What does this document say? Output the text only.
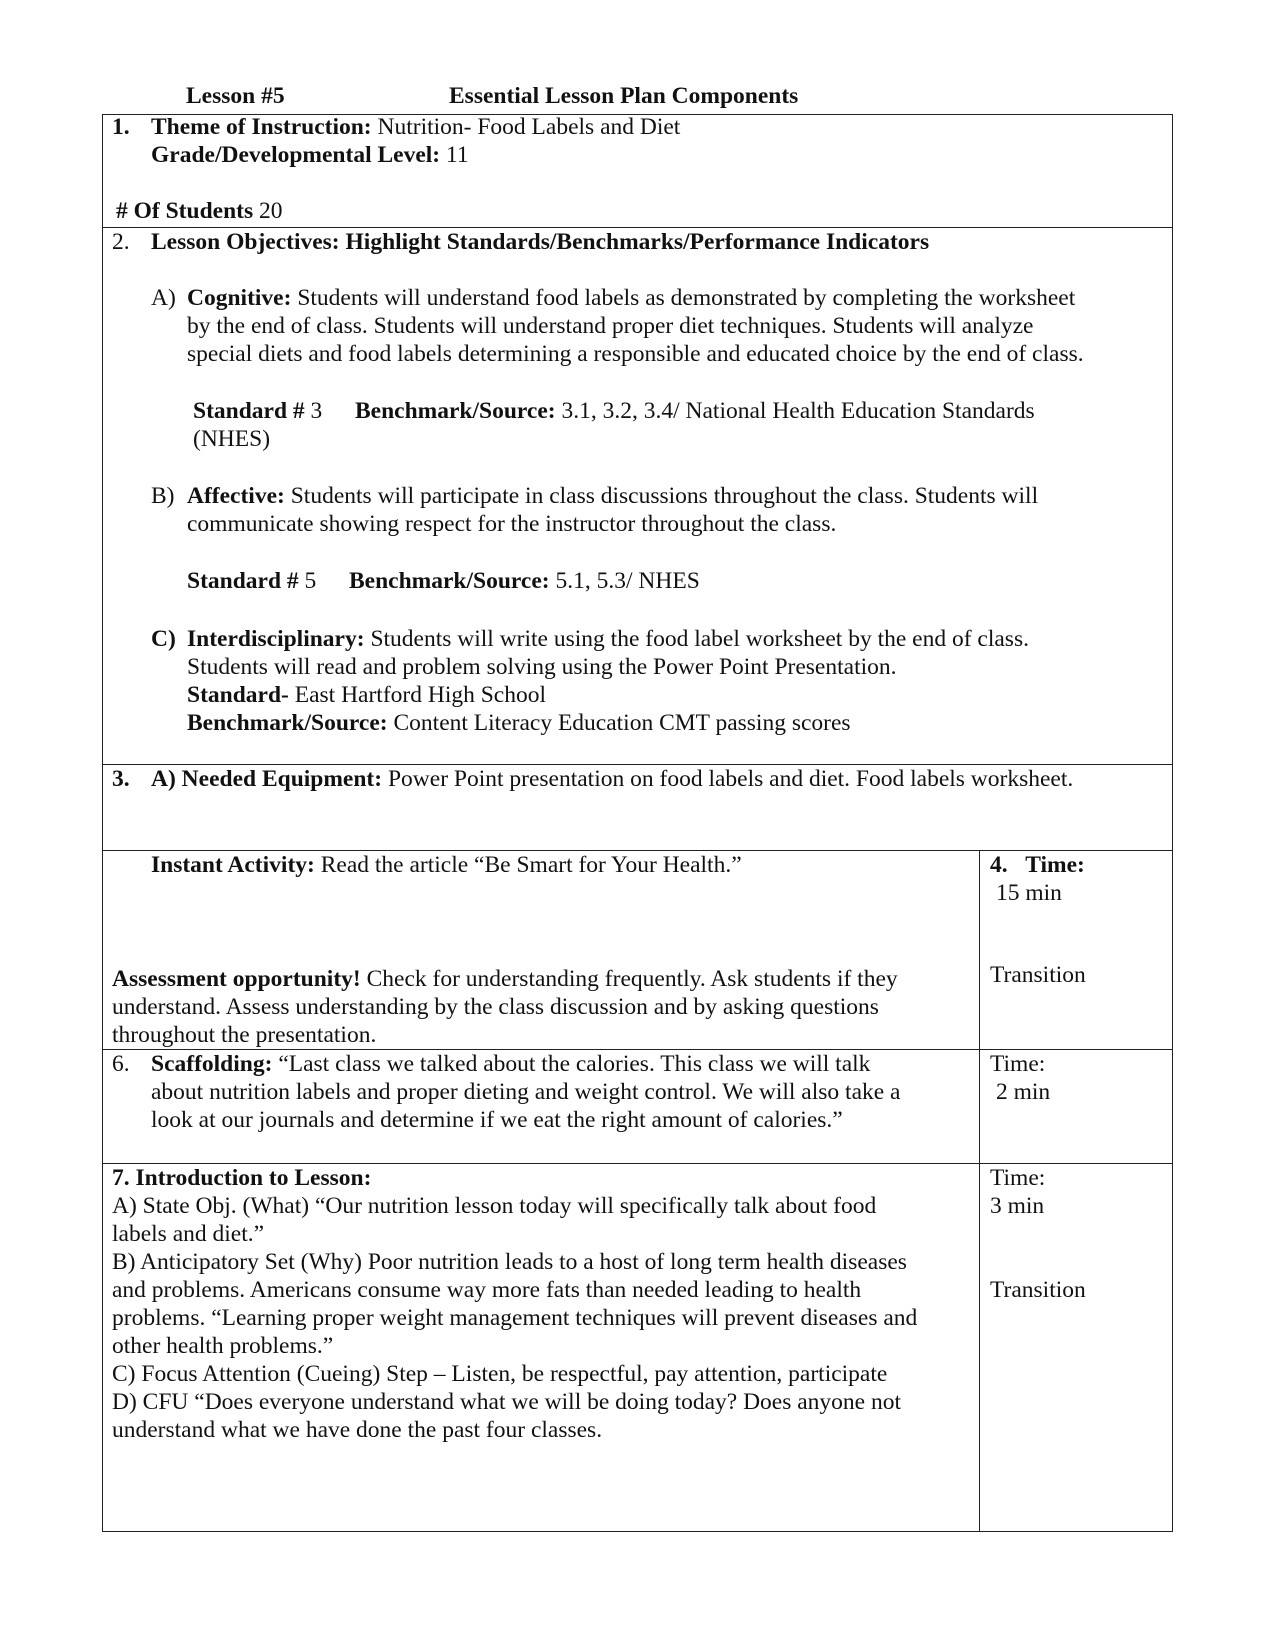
Lesson #5	Essential Lesson Plan Components
1. Theme of Instruction: Nutrition- Food Labels and Diet
Grade/Developmental Level: 11
# Of Students 20
2. Lesson Objectives: Highlight Standards/Benchmarks/Performance Indicators
A) Cognitive: Students will understand food labels as demonstrated by completing the worksheet
by the end of class. Students will understand proper diet techniques. Students will analyze
special diets and food labels determining a responsible and educated choice by the end of class.
Standard # 3 Benchmark/Source: 3.1, 3.2, 3.4/ National Health Education Standards
(NHES)
B) Affective: Students will participate in class discussions throughout the class. Students will
communicate showing respect for the instructor throughout the class.
Standard # 5 Benchmark/Source: 5.1, 5.3/ NHES
C) Interdisciplinary: Students will write using the food label worksheet by the end of class.
Students will read and problem solving using the Power Point Presentation.
Standard- East Hartford High School
Benchmark/Source: Content Literacy Education CMT passing scores
3. A) Needed Equipment: Power Point presentation on food labels and diet. Food labels worksheet.
Instant Activity: Read the article “Be Smart for Your Health.”
Assessment opportunity! Check for understanding frequently. Ask students if they
understand. Assess understanding by the class discussion and by asking questions
throughout the presentation.
4. Time:
15 min
Transition
6. Scaffolding: “Last class we talked about the calories. This class we will talk
about nutrition labels and proper dieting and weight control. We will also take a
look at our journals and determine if we eat the right amount of calories.”
Time:
2 min
7. Introduction to Lesson:
A) State Obj. (What) “Our nutrition lesson today will specifically talk about food
labels and diet.”
B) Anticipatory Set (Why) Poor nutrition leads to a host of long term health diseases
and problems. Americans consume way more fats than needed leading to health
problems. “Learning proper weight management techniques will prevent diseases and
other health problems.”
C) Focus Attention (Cueing) Step – Listen, be respectful, pay attention, participate
D) CFU “Does everyone understand what we will be doing today? Does anyone not
understand what we have done the past four classes.
Time:
3 min
Transition
